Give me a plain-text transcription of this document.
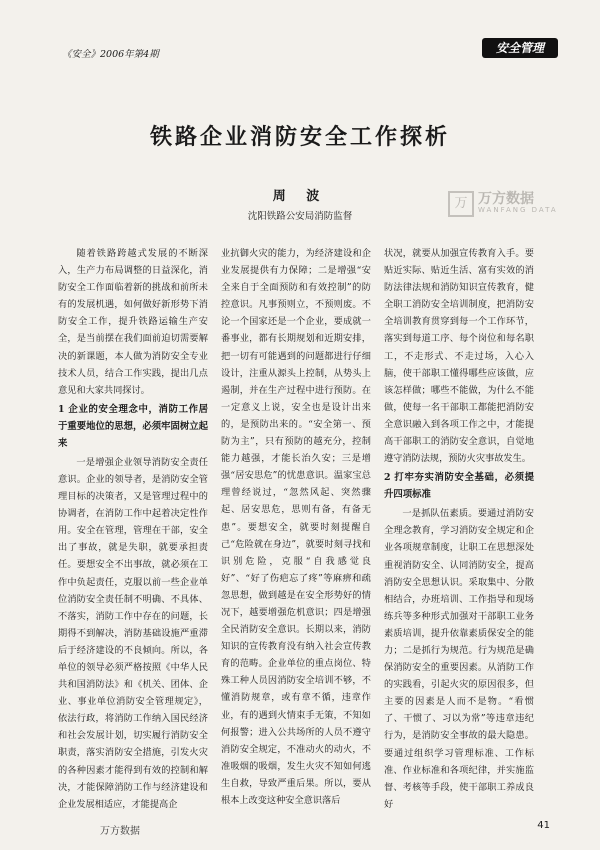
《安全》2006年第4期	安全管理
铁路企业消防安全工作探析
周 波
沈阳铁路公安局消防监督
万 万方数据
WANFANG DATA

随着铁路跨越式发展的不断深入，生产力布局调整的日益深化，消防安全工作面临着新的挑战和前所未有的发展机遇，如何做好新形势下消防安全工作，提升铁路运输生产安全，是当前摆在我们面前迫切需要解决的新课题，本人做为消防安全专业技术人员，结合工作实践，提出几点意见和大家共同探讨。

1 企业的安全理念中，消防工作居于重要地位的思想，必须牢固树立起来

一是增强企业领导消防安全责任意识。企业的领导者，是消防安全管理目标的决策者，又是管理过程中的协调者，在消防工作中起着决定性作用。安全在管理，管理在干部，安全出了事故，就是失职，就要承担责任。要想安全不出事故，就必须在工作中负起责任，克服以前一些企业单位消防安全责任制不明确、不具体、不落实，消防工作中存在的问题，长期得不到解决，消防基础设施严重滞后于经济建设的不良倾向。所以，各单位的领导必须严格按照《中华人民共和国消防法》和《机关、团体、企业、事业单位消防安全管理规定》，依法行政，将消防工作纳入国民经济和社会发展计划，切实履行消防安全职责，落实消防安全措施，引发火灾的各种因素才能得到有效的控制和解决，才能保障消防工作与经济建设和企业发展相适应，才能提高企

业抗御火灾的能力，为经济建设和企业发展提供有力保障；二是增强“安全来自于全面预防和有效控制”的防控意识。凡事预则立，不预则废。不论一个国家还是一个企业，要成就一番事业，都有长期规划和近期安排，把一切有可能遇到的问题都进行仔细设计，注重从源头上控制，从势头上遏制，并在生产过程中进行预防。在一定意义上说，安全也是设计出来的，是预防出来的。“安全第一、预防为主”，只有预防的越充分，控制能力越强，才能长治久安；三是增强“居安思危”的忧患意识。温家宝总理曾经说过，“忽然风起、突然骤起、居安思危，思则有备，有备无患”。要想安全，就要时刻提醒自己“危险就在身边”，就要时刻寻找和识别危险，克服“自我感觉良好”、“好了伤疤忘了疼”等麻痹和疏忽思想，做到越是在安全形势好的情况下，越要增强危机意识；四是增强全民消防安全意识。长期以来，消防知识的宣传教育没有纳入社会宣传教育的范畴。企业单位的重点岗位、特殊工种人员因消防安全培训不够，不懂消防规章，或有章不循，违章作业，有的遇到火情束手无策，不知如何报警；进入公共场所的人员不遵守消防安全规定，不准动火的动火，不准吸烟的吸烟，发生火灾不知如何逃生自救，导致严重后果。所以，要从根本上改变这种安全意识落后

状况，就要从加强宣传教育入手。要贴近实际、贴近生活、富有实效的消防法律法规和消防知识宣传教育，健全职工消防安全培训制度，把消防安全培训教育贯穿到每一个工作环节，落实到每道工序、每个岗位和每名职工，不走形式、不走过场，入心入脑，使干部职工懂得哪些应该做，应该怎样做；哪些不能做，为什么不能做，使每一名干部职工都能把消防安全意识融入到各项工作之中，才能提高干部职工的消防安全意识，自觉地遵守消防法规，预防火灾事故发生。

2 打牢夯实消防安全基础，必须提升四项标准

一是抓队伍素质。要通过消防安全理念教育，学习消防安全规定和企业各项规章制度，让职工在思想深处重视消防安全、认同消防安全，提高消防安全思想认识。采取集中、分散相结合，办班培训、工作指导和现场练兵等多种形式加强对干部职工业务素质培训，提升依靠素质保安全的能力；二是抓行为规范。行为规范是确保消防安全的重要因素。从消防工作的实践看，引起火灾的原因很多，但主要的因素是人而不是物。“看惯了、干惯了、习以为常”等违章违纪行为，是消防安全事故的最大隐患。要通过组织学习管理标准、工作标准、作业标准和各项纪律，并实施监督、考核等手段，使干部职工养成良好

万方数据
41
